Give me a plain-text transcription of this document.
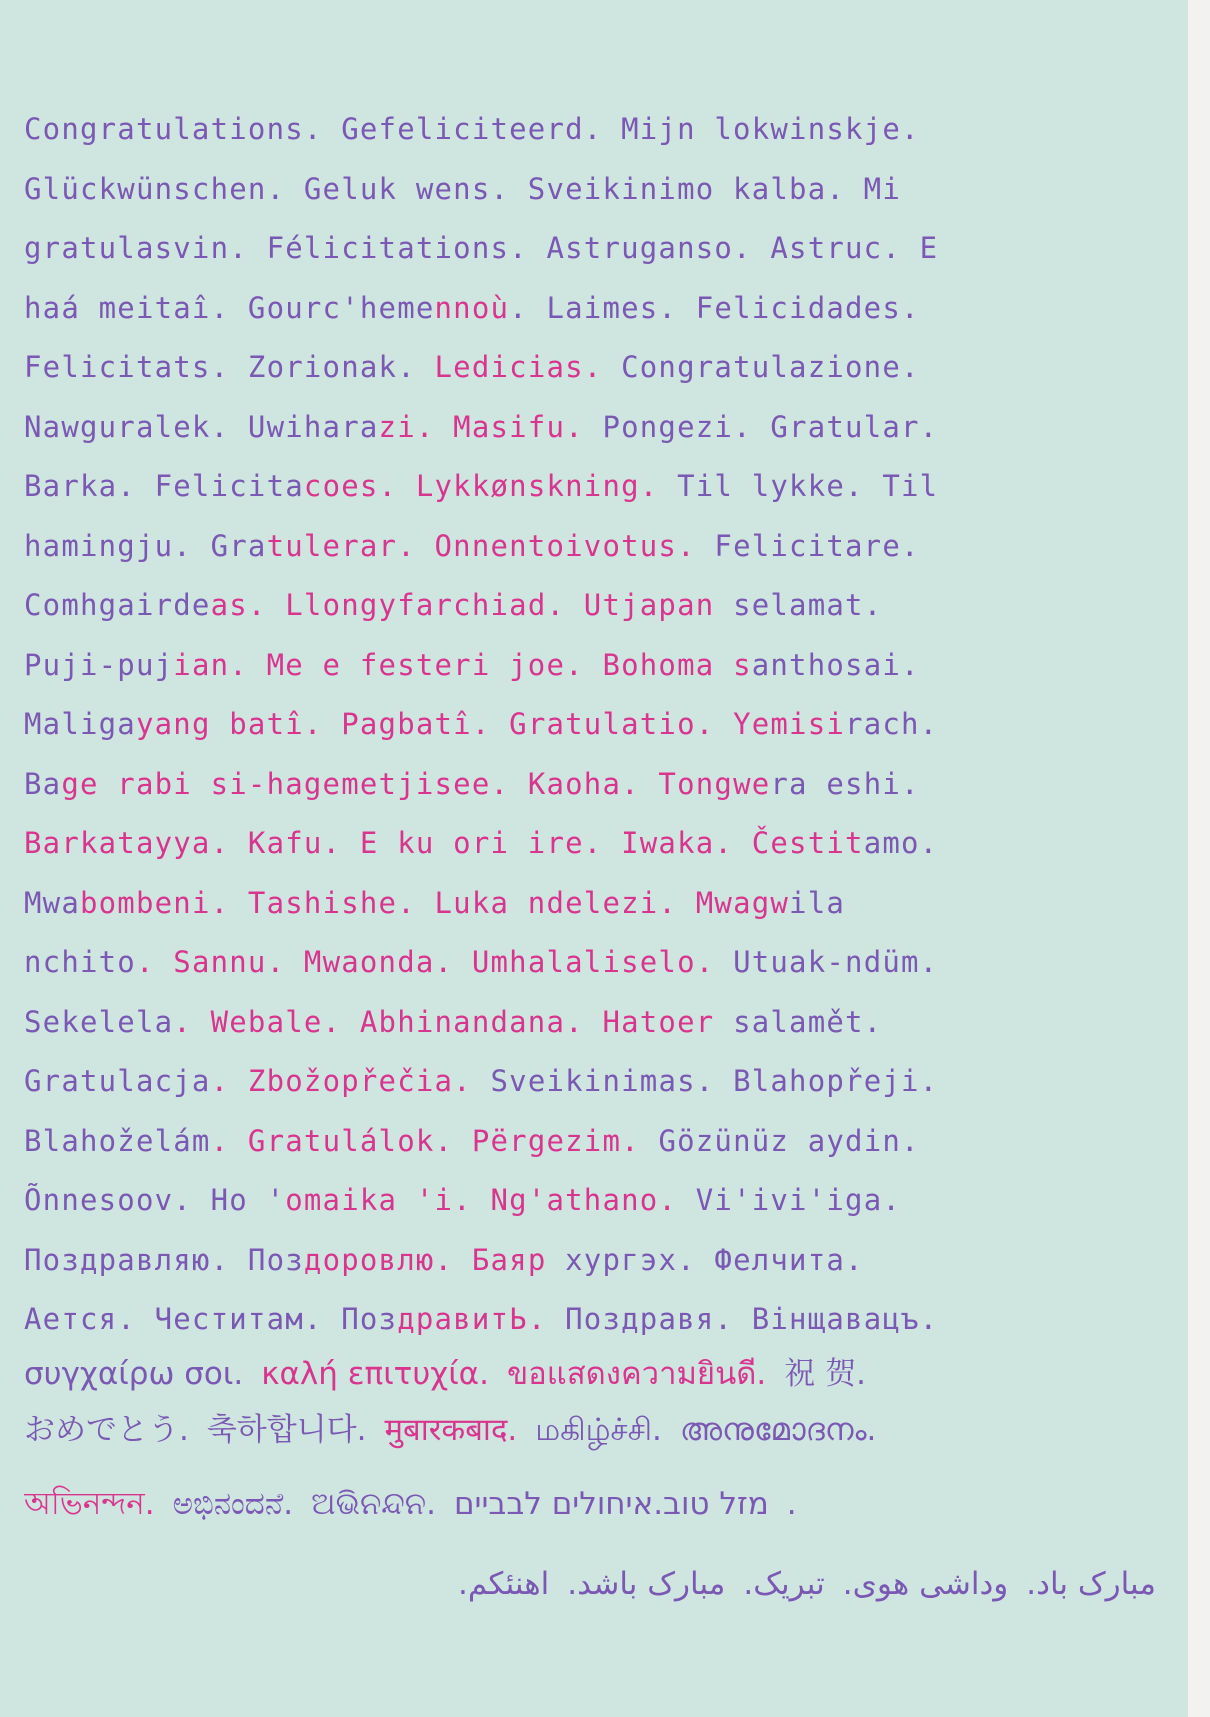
Congratulations. Gefeliciteerd. Mijn lokwinskje.
Glückwünschen. Geluk wens. Sveikinimo kalba. Mi
gratulasvin. Félicitations. Astruganso. Astruc. E
haá meitaî. Gourc'hemennoù. Laimes. Felicidades.
Felicitats. Zorionak. Ledicias. Congratulazione.
Nawguralek. Uwiharazi. Masifu. Pongezi. Gratular.
Barka. Felicitacoes. Lykkønskning. Til lykke. Til
hamingju. Gratulerar. Onnentoivotus. Felicitare.
Comhgairdeas. Llongyfarchiad. Utjapan selamat.
Puji-pujian. Me e festeri joe. Bohoma santhosai.
Maligayang batî. Pagbatî. Gratulatio. Yemisirach.
Bage rabi si-hagemetjisee. Kaoha. Tongwera eshi.
Barkatayya. Kafu. E ku ori ire. Iwaka. Čestitamo.
Mwabombeni. Tashishe. Luka ndelezi. Mwagwila
nchito. Sannu. Mwaonda. Umhalaliselo. Utuak-ndüm.
Sekelela. Webale. Abhinandana. Hatoer salamět.
Gratulacja. Zbožopřečia. Sveikinimas. Blahopřeji.
Blahoželám. Gratulálok. Përgezim. Gözünüz aydin.
Õnnesoov. Ho 'omaika 'i. Ng'athano. Vi'ivi'iga.
Поздравляю. Поздоровлю. Баяр хургэх. Фелчита.
Ается. Честитам. ПоздравитЬ. Поздравя. Вінщавацъ.
συγχαίρω σοι. καλή επιτυχία. ขอแสดงความยินดี. 祝 贺.
おめでとう. 축하합니다. मुबारकबाद. மகிழ்ச்சி. അനുമോദനം.
অভিনন্দন. ಅಭಿನಂದನೆ. ଅଭିନନ୍ଦନ.	מזל טוב.איחולים לבביים.
مبارک باد.وداشی هوی.تبریک.مبارک باشد.اهنئکم.
